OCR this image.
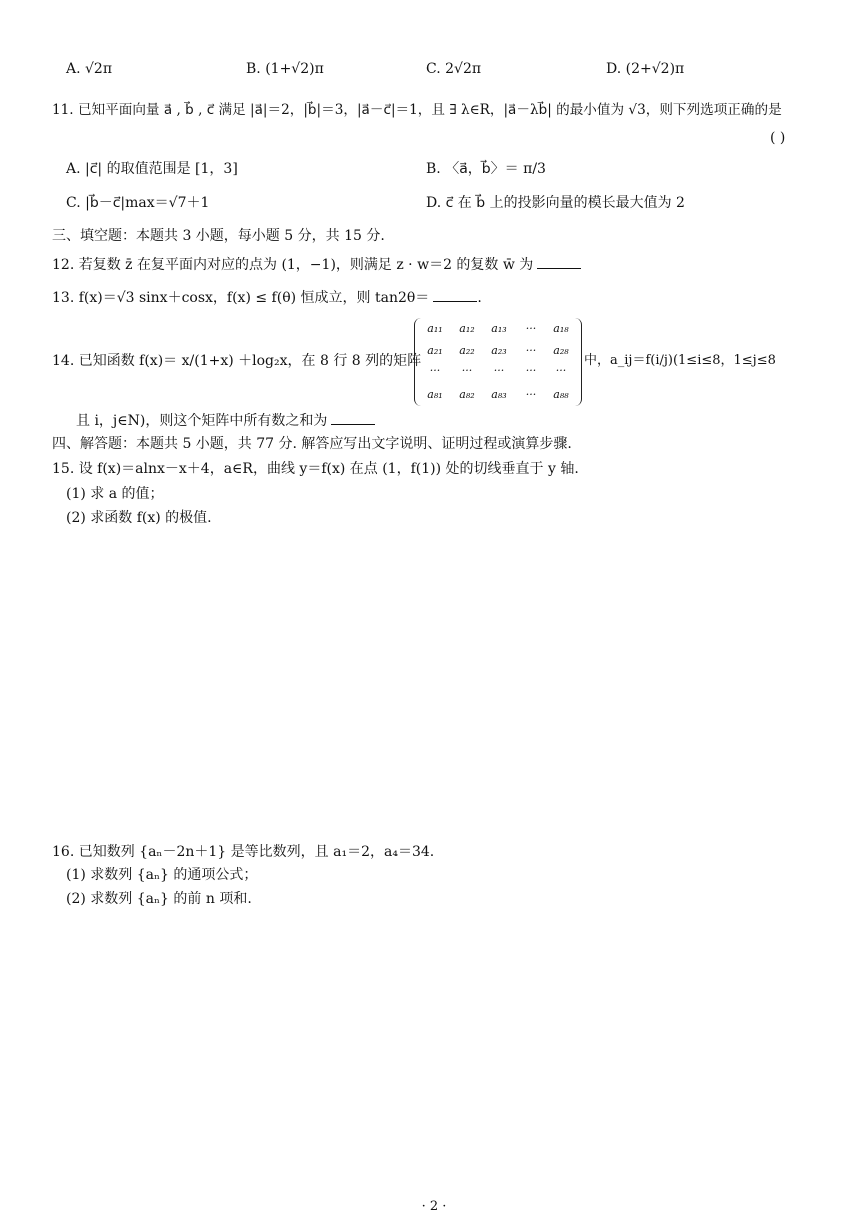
A. √2π	B. (1+√2)π	C. 2√2π	D. (2+√2)π
11. 已知平面向量 a⃗ , b⃗ , c⃗ 满足 |a⃗|＝2，|b⃗|＝3，|a⃗－c⃗|＝1，且 ∃ λ∈R，|a⃗－λb⃗| 的最小值为 √3，则下列选项正确的是
( )
A. |c⃗| 的取值范围是 [1，3]	B. 〈a⃗，b⃗〉＝ π/3
C. |b⃗－c⃗|max＝√7＋1	D. c⃗ 在 b⃗ 上的投影向量的模长最大值为 2
三、填空题：本题共 3 小题，每小题 5 分，共 15 分.
12. 若复数 z̄ 在复平面内对应的点为 (1，−1)，则满足 z · w＝2 的复数 w̄ 为
13. f(x)＝√3 sinx＋cosx，f(x) ≤ f(θ) 恒成立，则 tan2θ＝	.
14. 已知函数 f(x)＝ x/(1+x) ＋log₂x，在 8 行 8 列的矩阵
a₁₁	a₁₂	a₁₃	···	a₁₈
a₂₁	a₂₂	a₂₃	···	a₂₈
···	···	···	···	···
a₈₁	a₈₂	a₈₃	···	a₈₈
中，a_ij＝f(i/j)(1≤i≤8，1≤j≤8
且 i，j∈N)，则这个矩阵中所有数之和为
四、解答题：本题共 5 小题，共 77 分. 解答应写出文字说明、证明过程或演算步骤.
15. 设 f(x)＝alnx－x＋4，a∈R，曲线 y＝f(x) 在点 (1，f(1)) 处的切线垂直于 y 轴.
(1) 求 a 的值；
(2) 求函数 f(x) 的极值.
16. 已知数列 {aₙ－2n＋1} 是等比数列，且 a₁＝2，a₄＝34.
(1) 求数列 {aₙ} 的通项公式；
(2) 求数列 {aₙ} 的前 n 项和.
· 2 ·
